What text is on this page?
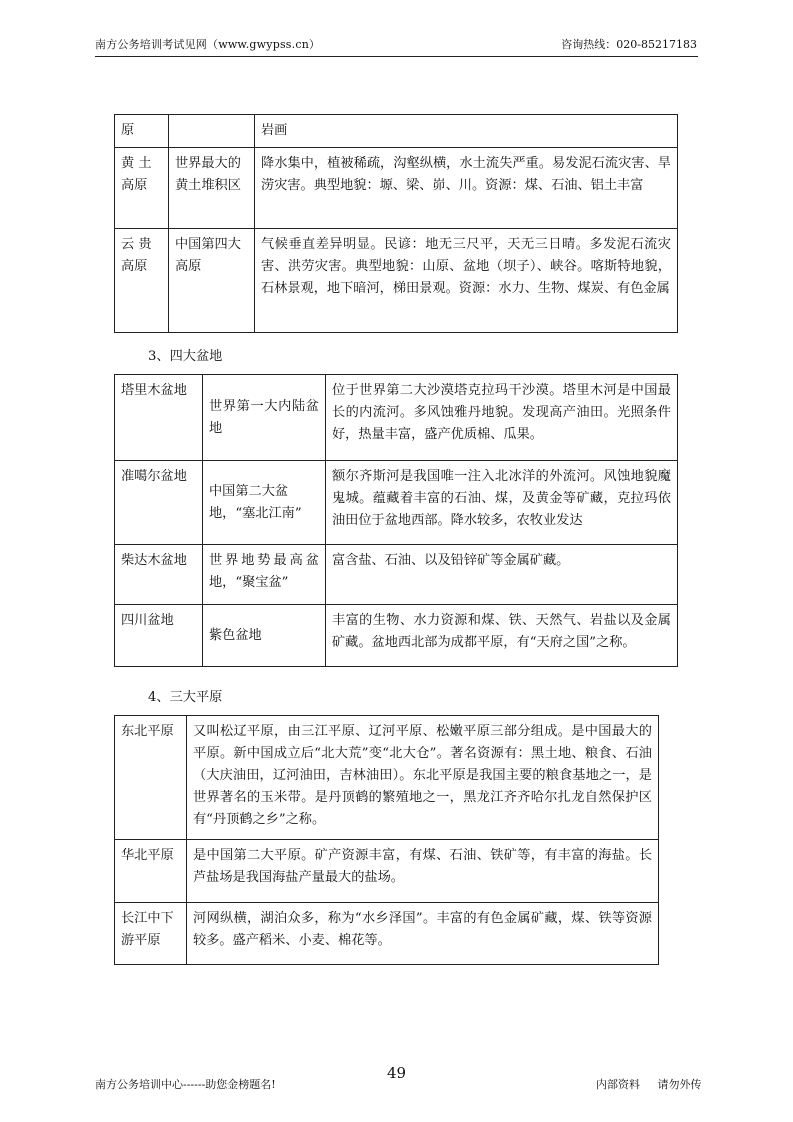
南方公务培训考试见网（www.gwypss.cn）	咨询热线：020-85217183
原		岩画
黄 土高原	世界最大的黄土堆积区	降水集中，植被稀疏，沟壑纵横，水土流失严重。易发泥石流灾害、旱涝灾害。典型地貌：塬、梁、峁、川。资源：煤、石油、铝土丰富
云 贵高原	中国第四大高原	气候垂直差异明显。民谚：地无三尺平，天无三日晴。多发泥石流灾害、洪劳灾害。典型地貌：山原、盆地（坝子）、峡谷。喀斯特地貌，石林景观，地下暗河，梯田景观。资源：水力、生物、煤炭、有色金属
3、四大盆地
塔里木盆地	世界第一大内陆盆地	位于世界第二大沙漠塔克拉玛干沙漠。塔里木河是中国最长的内流河。多风蚀雅丹地貌。发现高产油田。光照条件好，热量丰富，盛产优质棉、瓜果。
准噶尔盆地	中国第二大盆地，“塞北江南”	额尔齐斯河是我国唯一注入北冰洋的外流河。风蚀地貌魔鬼城。蕴藏着丰富的石油、煤，及黄金等矿藏，克拉玛依油田位于盆地西部。降水较多，农牧业发达
柴达木盆地	世界地势最高盆地，“聚宝盆”	富含盐、石油、以及铅锌矿等金属矿藏。
四川盆地	紫色盆地	丰富的生物、水力资源和煤、铁、天然气、岩盐以及金属矿藏。盆地西北部为成都平原，有“天府之国”之称。
4、三大平原
东北平原	又叫松辽平原，由三江平原、辽河平原、松嫩平原三部分组成。是中国最大的平原。新中国成立后“北大荒”变“北大仓”。著名资源有：黑土地、粮食、石油（大庆油田，辽河油田，吉林油田）。东北平原是我国主要的粮食基地之一，是世界著名的玉米带。是丹顶鹤的繁殖地之一，黑龙江齐齐哈尔扎龙自然保护区有“丹顶鹤之乡”之称。
华北平原	是中国第二大平原。矿产资源丰富，有煤、石油、铁矿等，有丰富的海盐。长芦盐场是我国海盐产量最大的盐场。
长江中下游平原	河网纵横，湖泊众多，称为“水乡泽国”。丰富的有色金属矿藏，煤、铁等资源较多。盛产稻米、小麦、棉花等。
南方公务培训中心------助您金榜题名!
49
内部资料 请勿外传
